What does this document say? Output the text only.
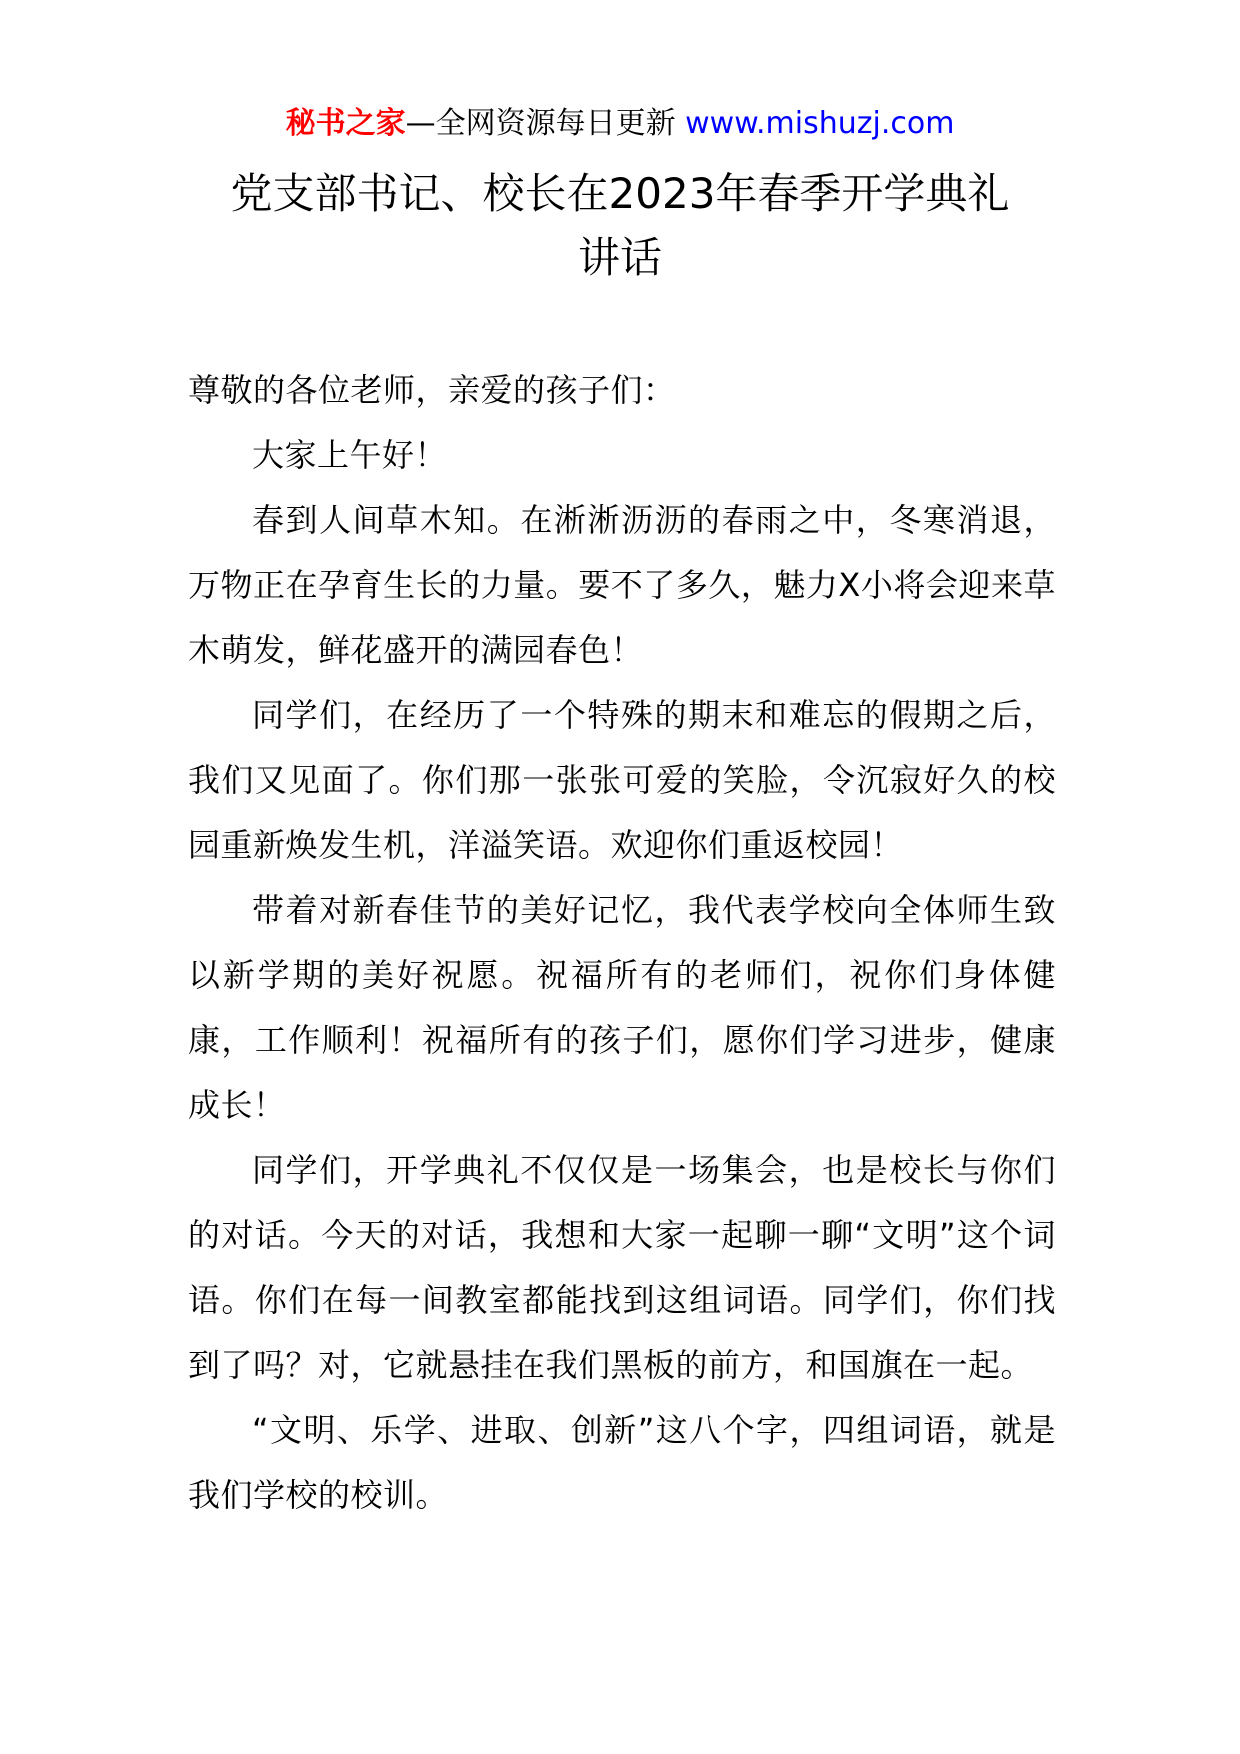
秘书之家—全网资源每日更新 www.mishuzj.com
党支部书记、校长在2023年春季开学典礼
讲话

尊敬的各位老师，亲爱的孩子们：

大家上午好！

春到人间草木知。在淅淅沥沥的春雨之中，冬寒消退，万物正在孕育生长的力量。要不了多久，魅力X小将会迎来草木萌发，鲜花盛开的满园春色！

同学们，在经历了一个特殊的期末和难忘的假期之后，我们又见面了。你们那一张张可爱的笑脸，令沉寂好久的校园重新焕发生机，洋溢笑语。欢迎你们重返校园！

带着对新春佳节的美好记忆，我代表学校向全体师生致以新学期的美好祝愿。祝福所有的老师们，祝你们身体健康，工作顺利！祝福所有的孩子们，愿你们学习进步，健康成长！

同学们，开学典礼不仅仅是一场集会，也是校长与你们的对话。今天的对话，我想和大家一起聊一聊“文明”这个词语。你们在每一间教室都能找到这组词语。同学们，你们找到了吗？对，它就悬挂在我们黑板的前方，和国旗在一起。

“文明、乐学、进取、创新”这八个字，四组词语，就是我们学校的校训。
